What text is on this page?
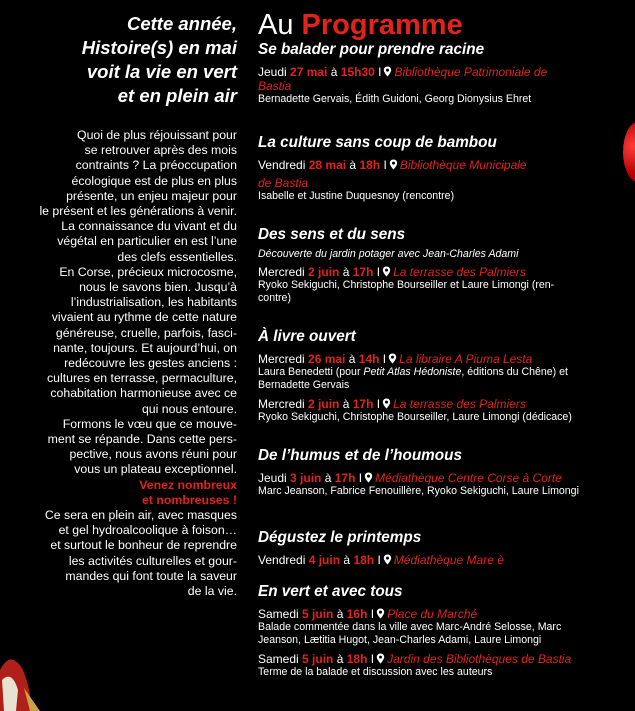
Cette année,
Histoire(s) en mai
voit la vie en vert
et en plein air
Quoi de plus réjouissant pour
se retrouver après des mois
contraints ? La préoccupation
écologique est de plus en plus
présente, un enjeu majeur pour
le présent et les générations à venir.
La connaissance du vivant et du
végétal en particulier en est l’une
des clefs essentielles.
En Corse, précieux microcosme,
nous le savons bien. Jusqu’à
l’industrialisation, les habitants
vivaient au rythme de cette nature
généreuse, cruelle, parfois, fasci-
nante, toujours. Et aujourd’hui, on
redécouvre les gestes anciens :
cultures en terrasse, permaculture,
cohabitation harmonieuse avec ce
qui nous entoure.
Formons le vœu que ce mouve-
ment se répande. Dans cette pers-
pective, nous avons réuni pour
vous un plateau exceptionnel.
Venez nombreux
et nombreuses !
Ce sera en plein air, avec masques
et gel hydroalcoolique à foison…
et surtout le bonheur de reprendre
les activités culturelles et gour-
mandes qui font toute la saveur
de la vie.
Au Programme
Se balader pour prendre racine
Jeudi 27 mai à 15h30 I Bibliothèque Patrimoniale de
Bastia
Bernadette Gervais, Édith Guidoni, Georg Dionysius Ehret
La culture sans coup de bambou
Vendredi 28 mai à 18h I Bibliothèque Municipale
de Bastia
Isabelle et Justine Duquesnoy (rencontre)
Des sens et du sens
Découverte du jardin potager avec Jean-Charles Adami
Mercredi 2 juin à 17h I La terrasse des Palmiers
Ryoko Sekiguchi, Christophe Bourseiller et Laure Limongi (ren-
contre)
À livre ouvert
Mercredi 26 mai à 14h I La libraire A Piuma Lesta
Laura Benedetti (pour Petit Atlas Hédoniste, éditions du Chêne) et
Bernadette Gervais
Mercredi 2 juin à 17h I La terrasse des Palmiers
Ryoko Sekiguchi, Christophe Bourseiller, Laure Limongi (dédicace)
De l’humus et de l’houmous
Jeudi 3 juin à 17h I Médiathèque Centre Corse à Corte
Marc Jeanson, Fabrice Fenouillère, Ryoko Sekiguchi, Laure Limongi
Dégustez le printemps
Vendredi 4 juin à 18h I Médiathèque Mare è
En vert et avec tous
Samedi 5 juin à 16h I Place du Marché
Balade commentée dans la ville avec Marc-André Selosse, Marc
Jeanson, Lætitia Hugot, Jean-Charles Adami, Laure Limongi
Samedi 5 juin à 18h I Jardin des Bibliothèques de Bastia
Terme de la balade et discussion avec les auteurs
